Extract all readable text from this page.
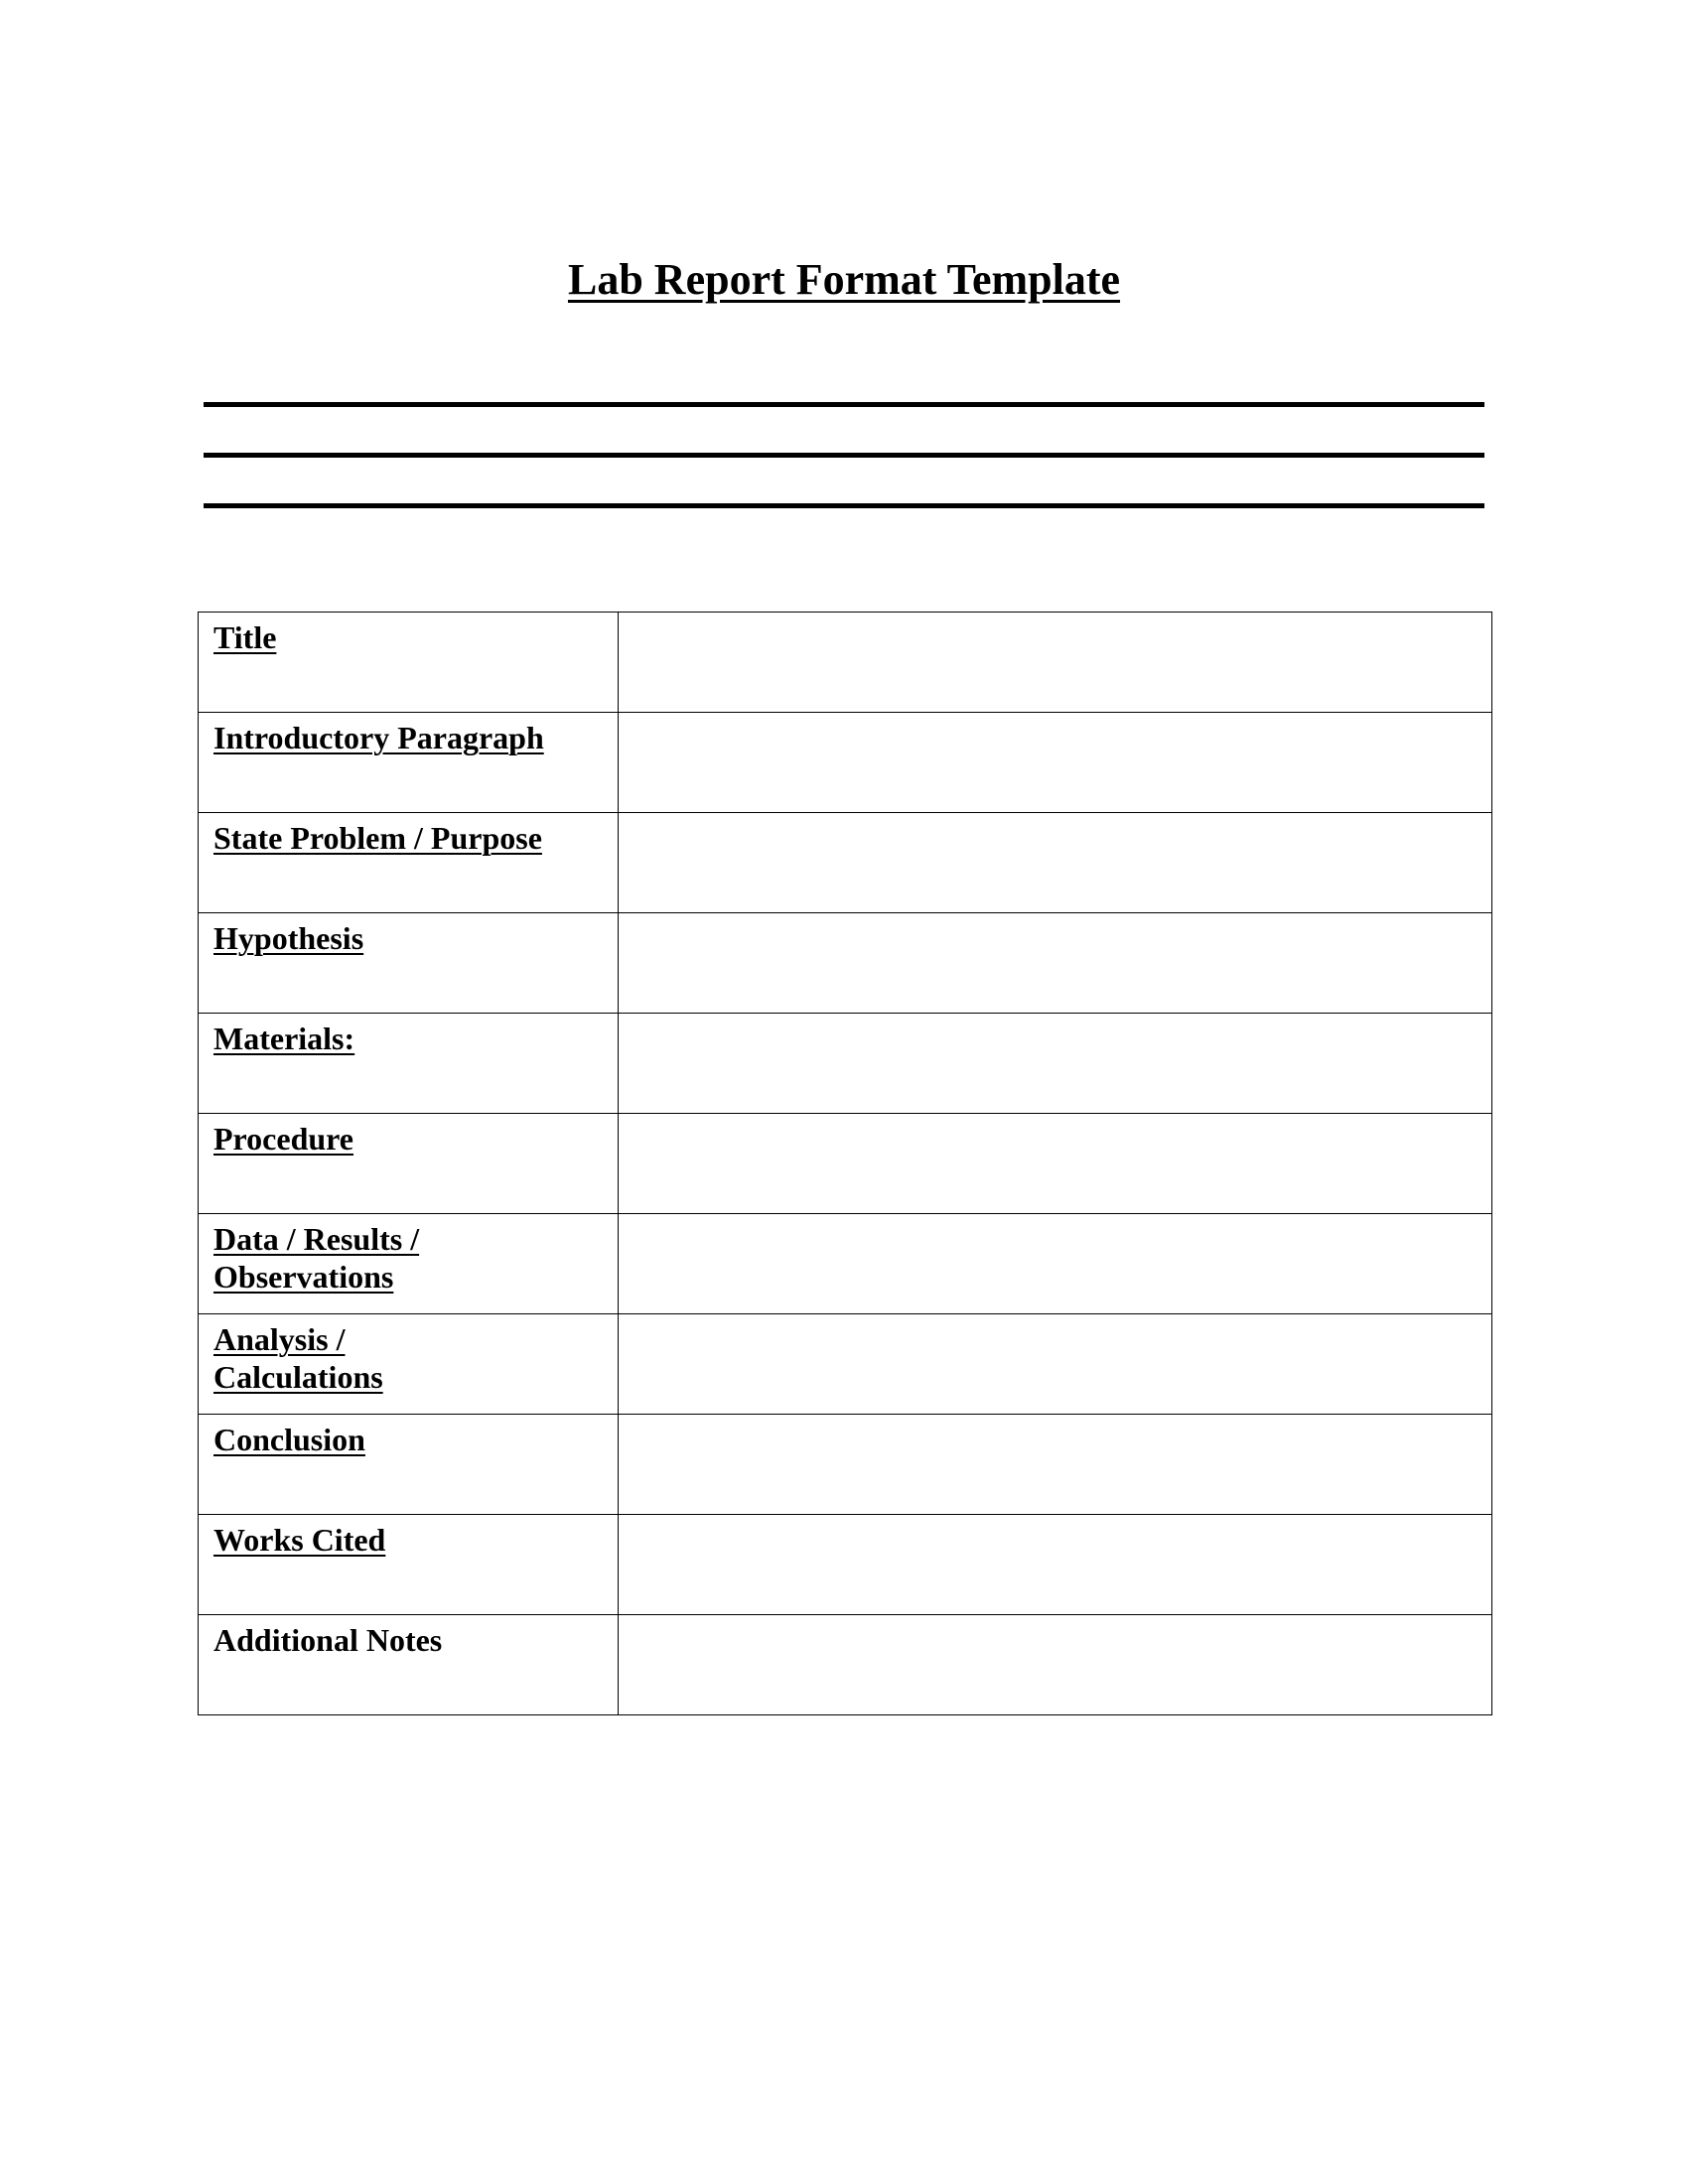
Lab Report Format Template
Title	
Introductory Paragraph	
State Problem / Purpose	
Hypothesis	
Materials:	
Procedure	
Data / Results /
Observations	
Analysis /
Calculations	
Conclusion	
Works Cited	
Additional Notes	
